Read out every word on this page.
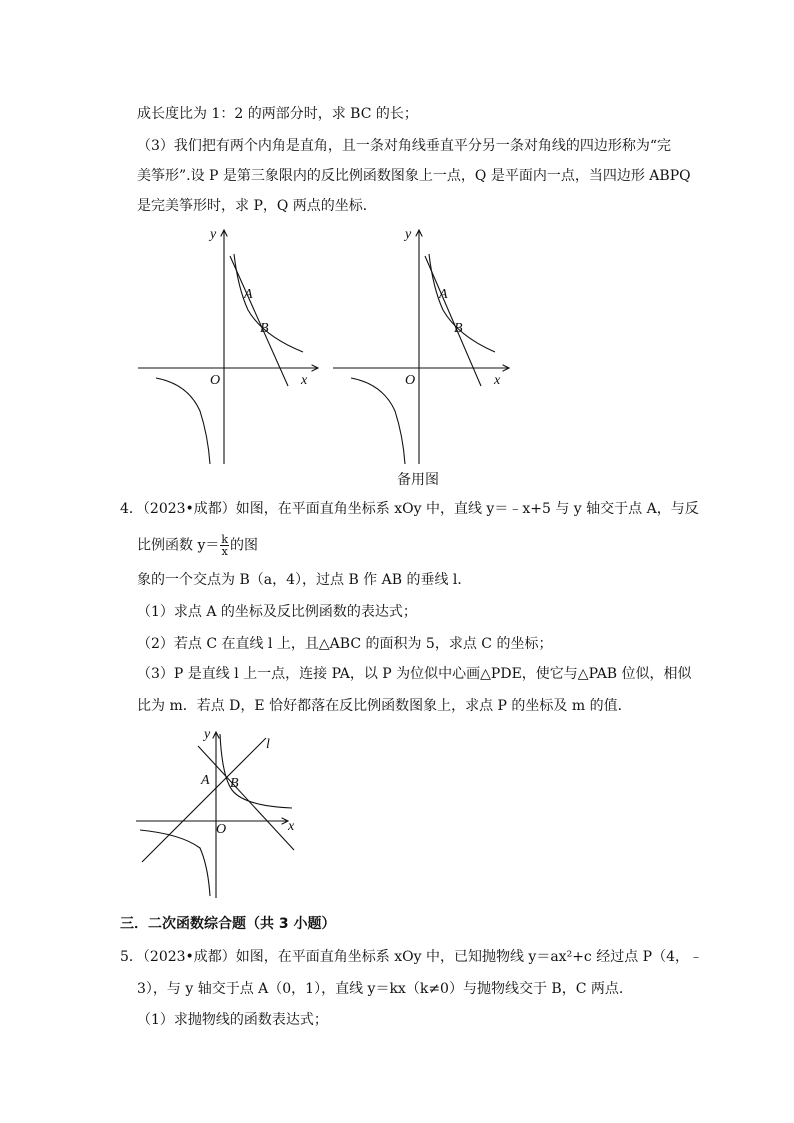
成长度比为 1：2 的两部分时，求 BC 的长；
（3）我们把有两个内角是直角，且一条对角线垂直平分另一条对角线的四边形称为“完
美筝形”.设 P 是第三象限内的反比例函数图象上一点，Q 是平面内一点，当四边形 ABPQ
是完美筝形时，求 P，Q 两点的坐标．
y
x
O
A
B
y
x
O
A
B
备用图
4．（2023•成都）如图，在平面直角坐标系 xOy 中，直线 y＝﹣x+5 与 y 轴交于点 A，与反
比例函数 $y= \frac{k}{x}$ 的图
象的一个交点为 B（a，4），过点 B 作 AB 的垂线 l．
（1）求点 A 的坐标及反比例函数的表达式；
（2）若点 C 在直线 l 上，且△ABC 的面积为 5，求点 C 的坐标；
（3）P 是直线 l 上一点，连接 PA，以 P 为位似中心画△PDE，使它与△PAB 位似，相似
比为 m．若点 D，E 恰好都落在反比例函数图象上，求点 P 的坐标及 m 的值．
y
x
O
A B
l
三．二次函数综合题（共 3 小题）
5．（2023•成都）如图，在平面直角坐标系 xOy 中，已知抛物线 y＝ax²+c 经过点 P（4，﹣
3），与 y 轴交于点 A（0，1），直线 y＝kx（k≠0）与抛物线交于 B，C 两点．
（1）求抛物线的函数表达式；
